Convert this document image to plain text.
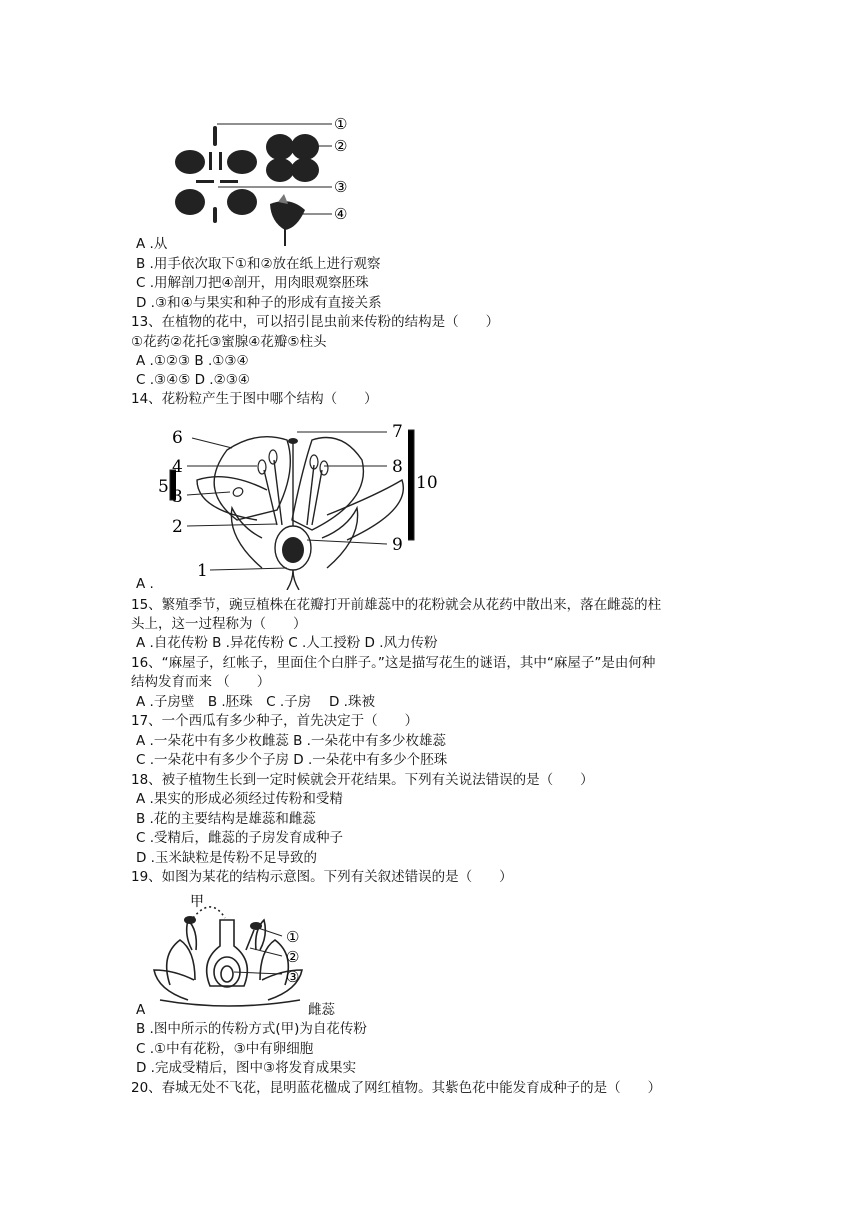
①
②
③
④
6
4
5 3
2
1
7
8
10
9
甲
①
②
③
A .从
B .用手依次取下①和②放在纸上进行观察
C .用解剖刀把④剖开，用肉眼观察胚珠
D .③和④与果实和种子的形成有直接关系
13、在植物的花中，可以招引昆虫前来传粉的结构是（　　）
①花药②花托③蜜腺④花瓣⑤柱头
A .①②③ B .①③④
C .③④⑤ D .②③④
14、花粉粒产生于图中哪个结构（　　）
A .
15、繁殖季节，豌豆植株在花瓣打开前雄蕊中的花粉就会从花药中散出来，落在雌蕊的柱
头上，这一过程称为（　　）
A .自花传粉 B .异花传粉 C .人工授粉 D .风力传粉
16、“麻屋子，红帐子，里面住个白胖子。”这是描写花生的谜语，其中“麻屋子”是由何种
结构发育而来 （　　）
A .子房壁　B .胚珠　C .子房　 D .珠被
17、一个西瓜有多少种子，首先决定于（　　）
A .一朵花中有多少枚雌蕊 B .一朵花中有多少枚雄蕊
C .一朵花中有多少个子房 D .一朵花中有多少个胚珠
18、被子植物生长到一定时候就会开花结果。下列有关说法错误的是（　　）
A .果实的形成必须经过传粉和受精
B .花的主要结构是雄蕊和雌蕊
C .受精后，雌蕊的子房发育成种子
D .玉米缺粒是传粉不足导致的
19、如图为某花的结构示意图。下列有关叙述错误的是（　　）
A	雌蕊
B .图中所示的传粉方式(甲)为自花传粉
C .①中有花粉，③中有卵细胞
D .完成受精后，图中③将发育成果实
20、春城无处不飞花，昆明蓝花楹成了网红植物。其紫色花中能发育成种子的是（　　）
